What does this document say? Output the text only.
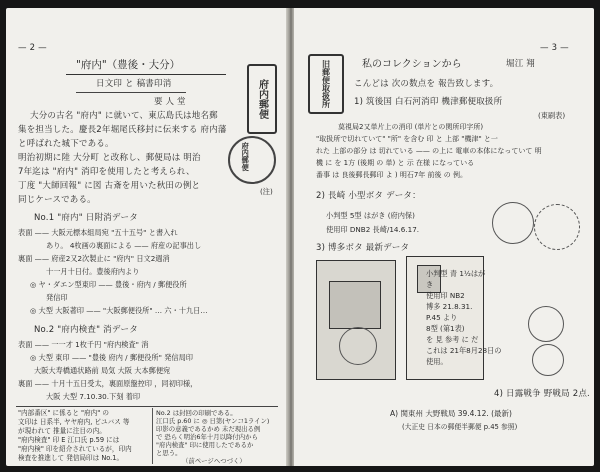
— 2 —
"府内"（豊後・大分）
日文印 と 稿書印消
要人堂	府内郵便
府内郵便
(注)
大分の古名 "府内" に就いて、東広島氏は地名郵
集を担当した。慶長2年堀尾氏移封に伝来する 府内藩
と呼ばれた城下である。
明治初期に陸 大分町 と改称し、郵便局は 明治
7年迄は "府内" 消印を使用したと考えられ、
丁度 "大師回報" に図 古斎を用いた秋田の例と
同じケースである。
No.1 "府内" 日附消データ
表面 —— 大阪元標本組局宛 "五十五号" と書入れ
あり。 4枚画の裏面による —— 府産の記事出し
裏面 —— 府産2又2次製止に "府内" 日文2週消
十一月十日付。豊後府内より
◎ ヤ・ダエン型東印 —— 豊後・府内 / 郵便役所
発信印
◎ 大型 大阪著印 —— "大阪郵便役所" … 六・十九日…
No.2 "府内検査" 消データ
表面 —— 一一才 1枚千円 "府内検査" 消
◎ 大型 東印 —— "豊後 府内 / 郵便役所" 発信局印
大阪大寿橋通状路前 局気 大阪 大本郵便宛
裏面 —— 十月十五日受太，裏面原盤控印 ，同初印様，
大阪 大型 7.10.30.下刻 着印
"内部番区" に係ると "府内" の
文印は 日系半, ヤヤ府内, ビユバス 等
が現われて 推量に注目の内。
"府内検査" 印 E 江口氏 p.59 には
"府内検" 印を紹介されているが，印内
検査を推進して 発信局印は No.1。
No.2 は封回の印刷である。
江口氏 p.60 に ◎ 日第(ヤンコ1ライン)
印影の意義であるかめ 未だ現出る例
で 恐らく明治6年十月以降付内から
"府内検査" 印に使用したであるか
と思う。
（前ページへつづく）
— 3 —
旧郵便取扱所	私のコレクションから	堀江 翔
こんどは 次の数点を 報告致します。
1) 筑後国 白石河消印 機津郵便取扱所
(東刷表)
莫視局2又単片上の消印 (単片との関所印字所)
"取扱所で切れていて" "所" を含む 印 と 上部 "機津" と一
れた 上部の部分 は 切れている —— の上に 電車の本体になっていて 明
機 に を 1方 (後期 の 単) と 示 在様 になっている
番事 は 良後郵長郵印 よ ) 明石7年 前後 の 例。
2) 長崎 小型ボタ データ：
小判型 5型 はがき (府内保)
使用印 DNB2 長崎/14.6.17.
3) 博多ボタ 最新データ
小判型 青 1½はが
き
使用印 NB2
博多 21.8.31.
P.45 より
8型 (第1表)
を 見 参考 に だ
これは 21年8月28日の
使用。
4) 日露戦争 野戦局 2点.
A) 関東州 大野戦局 39.4.12. (最新)
(大正史 日本の郵便半郵便 p.45 参照)
